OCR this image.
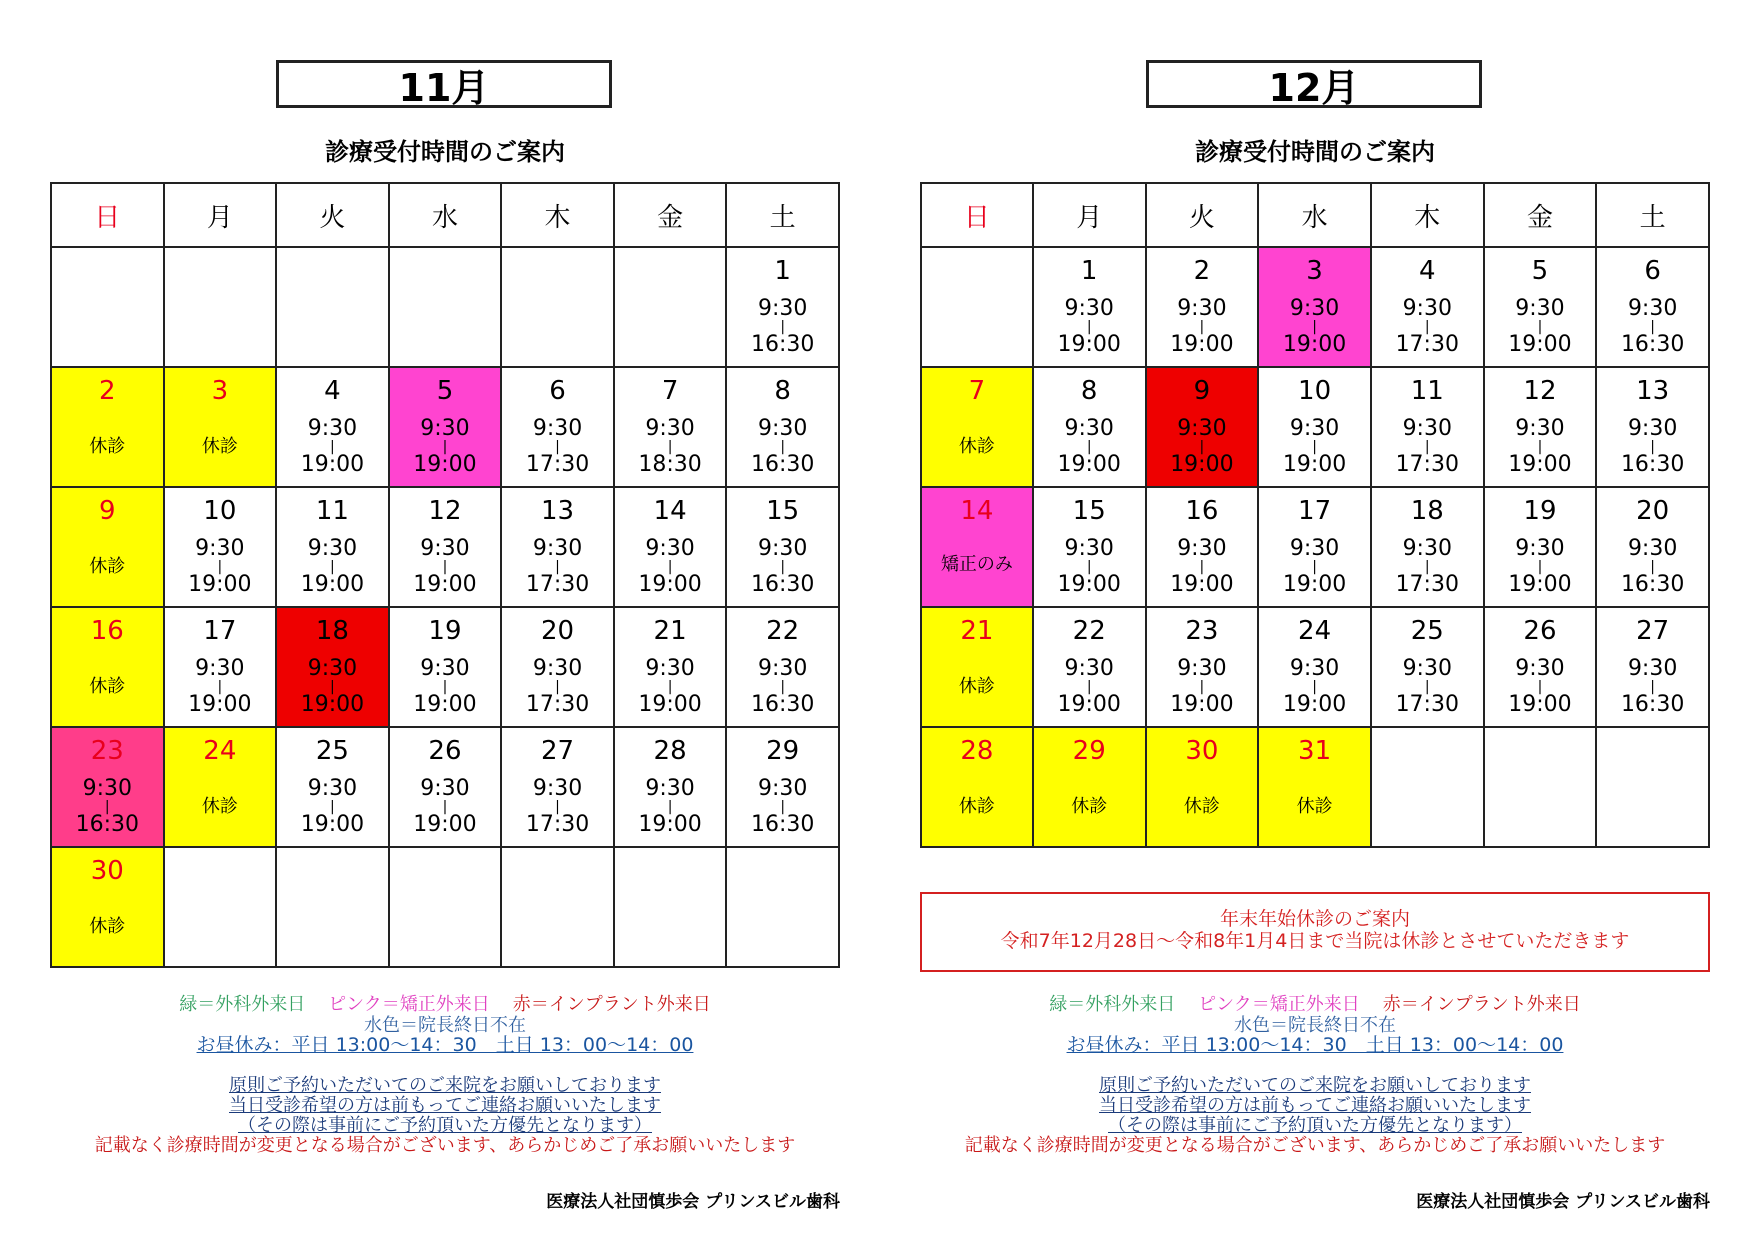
11月
診療受付時間のご案内
日	月	火	水	木	金	土

						1
9:30
|
16:30

2
休診	3
休診	4
9:30
|
19:00	5
9:30
|
19:00	6
9:30
|
17:30	7
9:30
|
18:30	8
9:30
|
16:30

9
休診	10
9:30
|
19:00	11
9:30
|
19:00	12
9:30
|
19:00	13
9:30
|
17:30	14
9:30
|
19:00	15
9:30
|
16:30

16
休診	17
9:30
|
19:00	18
9:30
|
19:00	19
9:30
|
19:00	20
9:30
|
17:30	21
9:30
|
19:00	22
9:30
|
16:30

23
9:30
|
16:30	24
休診	25
9:30
|
19:00	26
9:30
|
19:00	27
9:30
|
17:30	28
9:30
|
19:00	29
9:30
|
16:30

30
休診						

緑＝外科外来日 ピンク＝矯正外来日 赤＝インプラント外来日
水色＝院長終日不在
お昼休み：平日 13:00〜14：30　土日 13：00〜14：00
原則ご予約いただいてのご来院をお願いしております
当日受診希望の方は前もってご連絡お願いいたします
（その際は事前にご予約頂いた方優先となります）
記載なく診療時間が変更となる場合がございます、あらかじめご了承お願いいたします
医療法人社団慎歩会 プリンスビル歯科
12月
診療受付時間のご案内
日	月	火	水	木	金	土

	1
9:30
|
19:00	2
9:30
|
19:00	3
9:30
|
19:00	4
9:30
|
17:30	5
9:30
|
19:00	6
9:30
|
16:30

7
休診	8
9:30
|
19:00	9
9:30
|
19:00	10
9:30
|
19:00	11
9:30
|
17:30	12
9:30
|
19:00	13
9:30
|
16:30

14
矯正のみ	15
9:30
|
19:00	16
9:30
|
19:00	17
9:30
|
19:00	18
9:30
|
17:30	19
9:30
|
19:00	20
9:30
|
16:30

21
休診	22
9:30
|
19:00	23
9:30
|
19:00	24
9:30
|
19:00	25
9:30
|
17:30	26
9:30
|
19:00	27
9:30
|
16:30

28
休診	29
休診	30
休診	31
休診			

年末年始休診のご案内
令和7年12月28日〜令和8年1月4日まで当院は休診とさせていただきます
緑＝外科外来日 ピンク＝矯正外来日 赤＝インプラント外来日
水色＝院長終日不在
お昼休み：平日 13:00〜14：30　土日 13：00〜14：00
原則ご予約いただいてのご来院をお願いしております
当日受診希望の方は前もってご連絡お願いいたします
（その際は事前にご予約頂いた方優先となります）
記載なく診療時間が変更となる場合がございます、あらかじめご了承お願いいたします
医療法人社団慎歩会 プリンスビル歯科
